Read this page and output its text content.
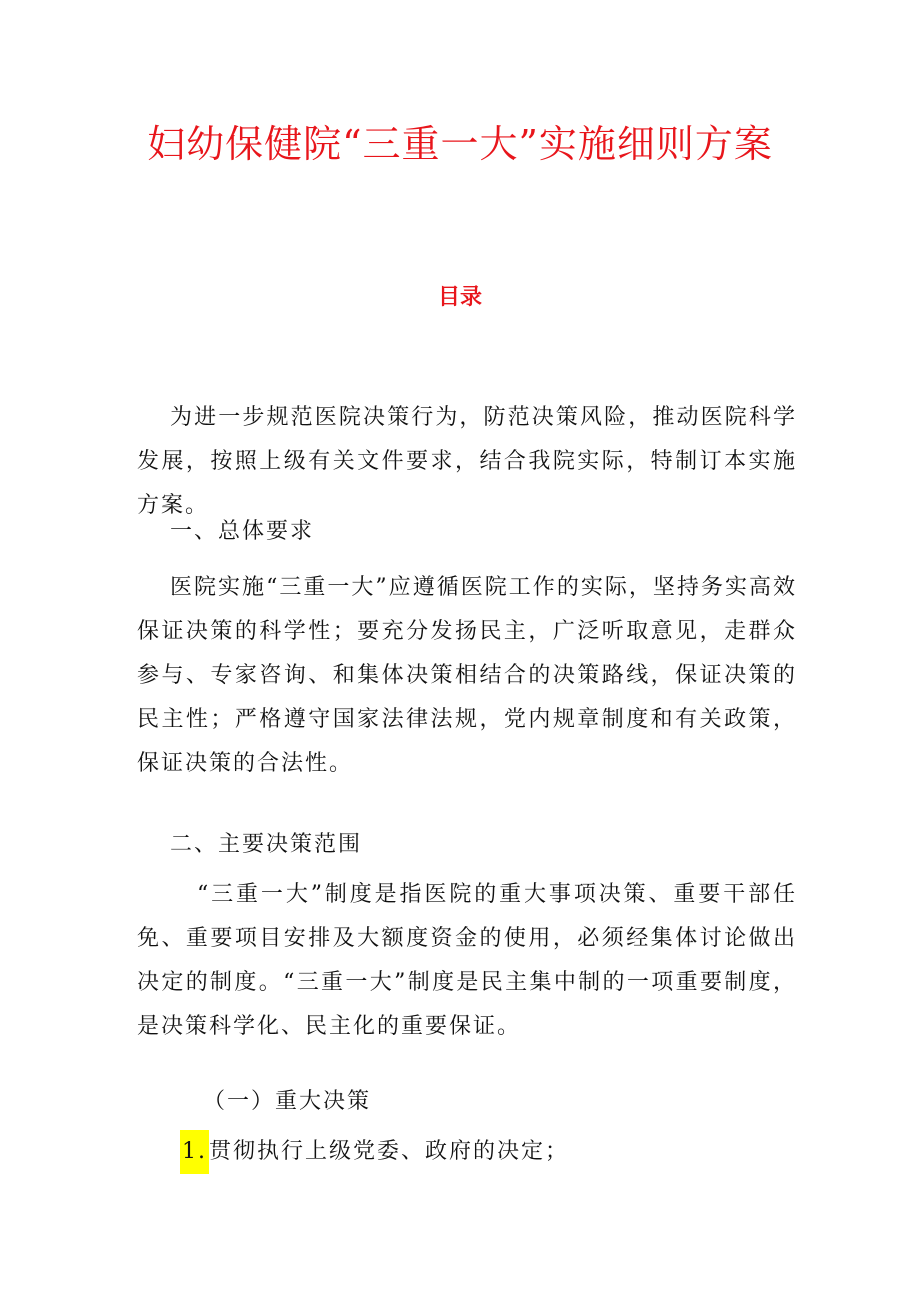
妇幼保健院“三重一大”实施细则方案
目录

为进一步规范医院决策行为，防范决策风险，推动医院科学发展，按照上级有关文件要求，结合我院实际，特制订本实施方案。

一、总体要求

医院实施“三重一大”应遵循医院工作的实际，坚持务实高效保证决策的科学性；要充分发扬民主，广泛听取意见，走群众参与、专家咨询、和集体决策相结合的决策路线，保证决策的民主性；严格遵守国家法律法规，党内规章制度和有关政策，保证决策的合法性。

二、主要决策范围

“三重一大”制度是指医院的重大事项决策、重要干部任免、重要项目安排及大额度资金的使用，必须经集体讨论做出决定的制度。“三重一大”制度是民主集中制的一项重要制度，是决策科学化、民主化的重要保证。

（一）重大决策

1. 贯彻执行上级党委、政府的决定；
